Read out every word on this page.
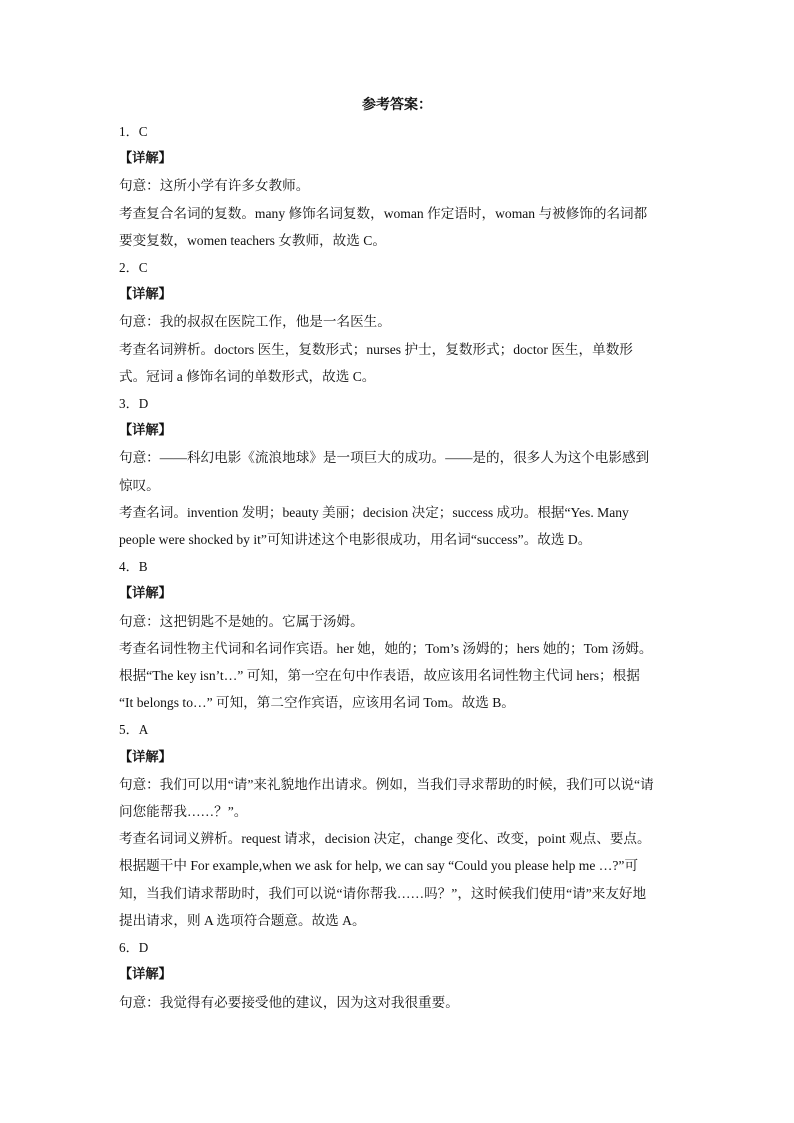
参考答案：
1．C
【详解】
句意：这所小学有许多女教师。
考查复合名词的复数。many 修饰名词复数，woman 作定语时，woman 与被修饰的名词都
要变复数，women teachers 女教师，故选 C。
2．C
【详解】
句意：我的叔叔在医院工作，他是一名医生。
考查名词辨析。doctors 医生，复数形式；nurses 护士，复数形式；doctor 医生，单数形
式。冠词 a 修饰名词的单数形式，故选 C。
3．D
【详解】
句意：——科幻电影《流浪地球》是一项巨大的成功。——是的，很多人为这个电影感到
惊叹。
考查名词。invention 发明；beauty 美丽；decision 决定；success 成功。根据“Yes. Many
people were shocked by it”可知讲述这个电影很成功，用名词“success”。故选 D。
4．B
【详解】
句意：这把钥匙不是她的。它属于汤姆。
考查名词性物主代词和名词作宾语。her 她，她的；Tom’s 汤姆的；hers 她的；Tom 汤姆。
根据“The key isn’t…” 可知，第一空在句中作表语，故应该用名词性物主代词 hers；根据
“It belongs to…” 可知，第二空作宾语，应该用名词 Tom。故选 B。
5．A
【详解】
句意：我们可以用“请”来礼貌地作出请求。例如，当我们寻求帮助的时候，我们可以说“请
问您能帮我……？”。
考查名词词义辨析。request 请求，decision 决定，change 变化、改变，point 观点、要点。
根据题干中 For example,when we ask for help, we can say “Could you please help me …?”可
知，当我们请求帮助时，我们可以说“请你帮我……吗？”，这时候我们使用“请”来友好地
提出请求，则 A 选项符合题意。故选 A。
6．D
【详解】
句意：我觉得有必要接受他的建议，因为这对我很重要。
